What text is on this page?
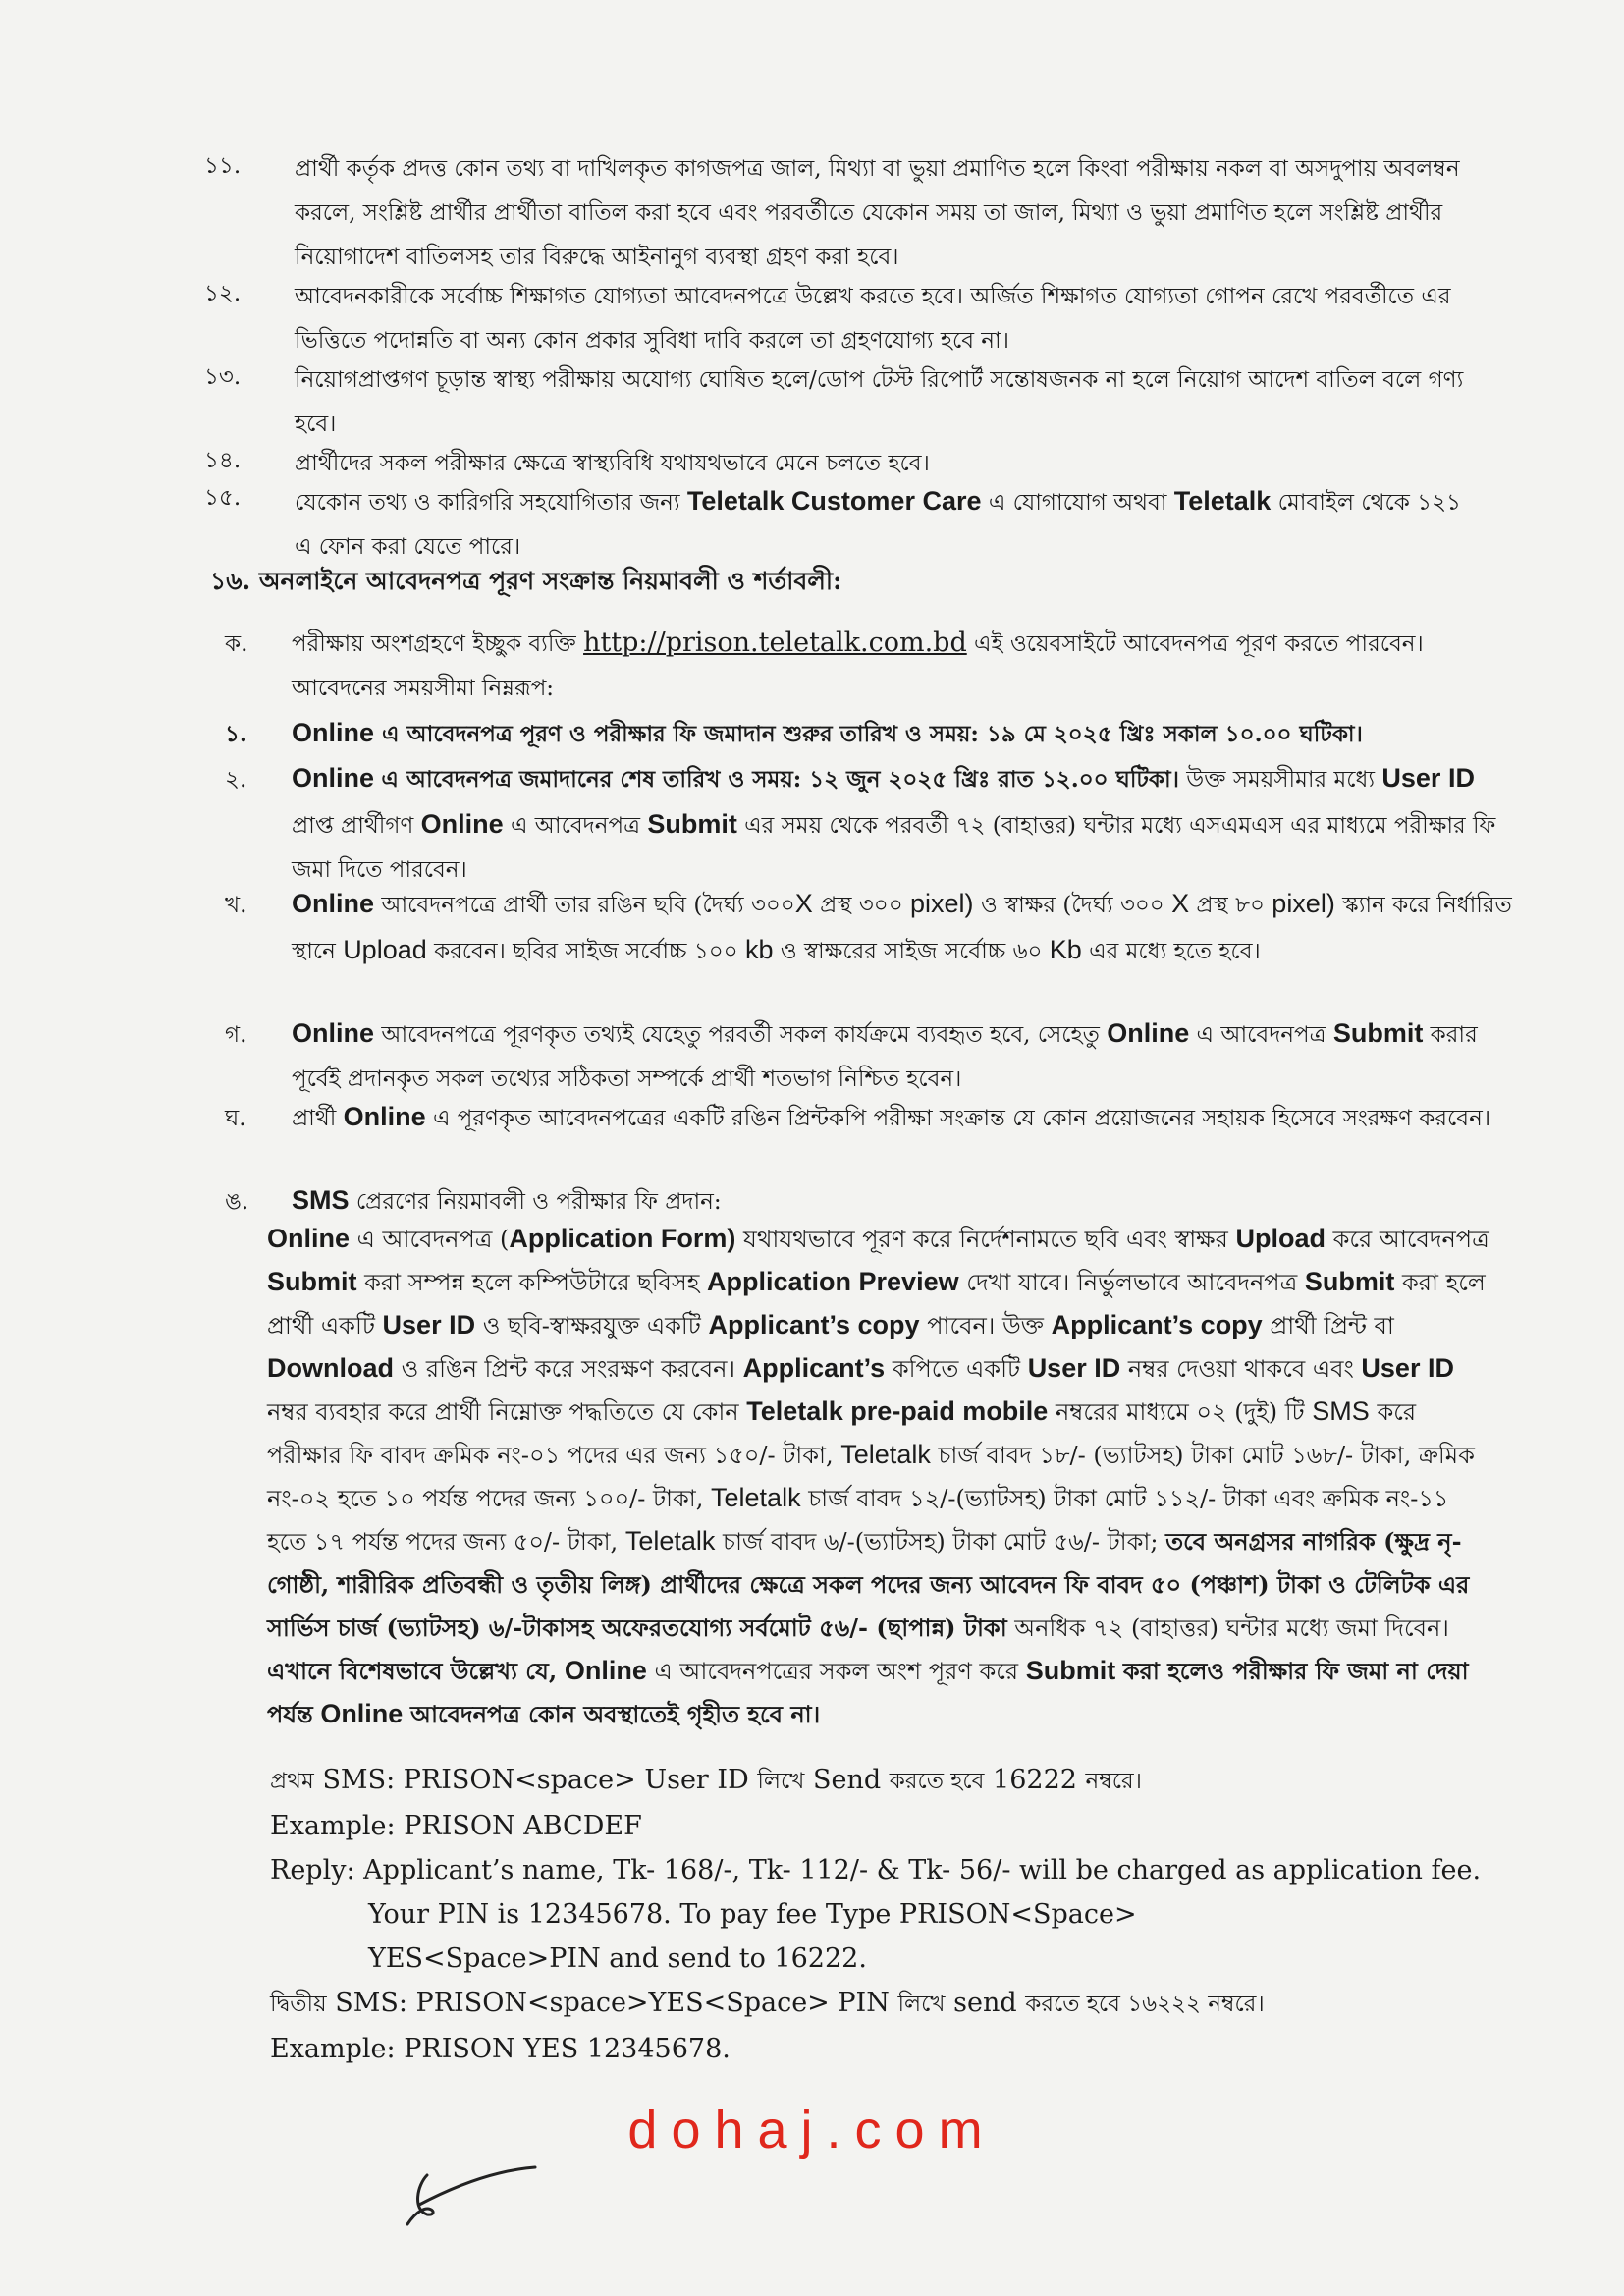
১১.	প্রার্থী কর্তৃক প্রদত্ত কোন তথ্য বা দাখিলকৃত কাগজপত্র জাল, মিথ্যা বা ভুয়া প্রমাণিত হলে কিংবা পরীক্ষায় নকল বা অসদুপায় অবলম্বন করলে, সংশ্লিষ্ট প্রার্থীর প্রার্থীতা বাতিল করা হবে এবং পরবর্তীতে যেকোন সময় তা জাল, মিথ্যা ও ভুয়া প্রমাণিত হলে সংশ্লিষ্ট প্রার্থীর নিয়োগাদেশ বাতিলসহ তার বিরুদ্ধে আইনানুগ ব্যবস্থা গ্রহণ করা হবে।
১২.	আবেদনকারীকে সর্বোচ্চ শিক্ষাগত যোগ্যতা আবেদনপত্রে উল্লেখ করতে হবে। অর্জিত শিক্ষাগত যোগ্যতা গোপন রেখে পরবর্তীতে এর ভিত্তিতে পদোন্নতি বা অন্য কোন প্রকার সুবিধা দাবি করলে তা গ্রহণযোগ্য হবে না।
১৩.	নিয়োগপ্রাপ্তগণ চূড়ান্ত স্বাস্থ্য পরীক্ষায় অযোগ্য ঘোষিত হলে/ডোপ টেস্ট রিপোর্ট সন্তোষজনক না হলে নিয়োগ আদেশ বাতিল বলে গণ্য হবে।
১৪.	প্রার্থীদের সকল পরীক্ষার ক্ষেত্রে স্বাস্থ্যবিধি যথাযথভাবে মেনে চলতে হবে।
১৫.	যেকোন তথ্য ও কারিগরি সহযোগিতার জন্য Teletalk Customer Care এ যোগাযোগ অথবা Teletalk মোবাইল থেকে ১২১ এ ফোন করা যেতে পারে।
১৬. অনলাইনে আবেদনপত্র পূরণ সংক্রান্ত নিয়মাবলী ও শর্তাবলী:
ক. পরীক্ষায় অংশগ্রহণে ইচ্ছুক ব্যক্তি http://prison.teletalk.com.bd এই ওয়েবসাইটে আবেদনপত্র পূরণ করতে পারবেন। আবেদনের সময়সীমা নিম্নরূপ:
১. Online এ আবেদনপত্র পূরণ ও পরীক্ষার ফি জমাদান শুরুর তারিখ ও সময়: ১৯ মে ২০২৫ খ্রিঃ সকাল ১০.০০ ঘটিকা।
২. Online এ আবেদনপত্র জমাদানের শেষ তারিখ ও সময়: ১২ জুন ২০২৫ খ্রিঃ রাত ১২.০০ ঘটিকা। উক্ত সময়সীমার মধ্যে User ID প্রাপ্ত প্রার্থীগণ Online এ আবেদনপত্র Submit এর সময় থেকে পরবর্তী ৭২ (বাহাত্তর) ঘন্টার মধ্যে এসএমএস এর মাধ্যমে পরীক্ষার ফি জমা দিতে পারবেন।
খ. Online আবেদনপত্রে প্রার্থী তার রঙিন ছবি (দৈর্ঘ্য ৩০০X প্রস্থ ৩০০ pixel) ও স্বাক্ষর (দৈর্ঘ্য ৩০০ X প্রস্থ ৮০ pixel) স্ক্যান করে নির্ধারিত স্থানে Upload করবেন। ছবির সাইজ সর্বোচ্চ ১০০ kb ও স্বাক্ষরের সাইজ সর্বোচ্চ ৬০ Kb এর মধ্যে হতে হবে।
গ. Online আবেদনপত্রে পূরণকৃত তথ্যই যেহেতু পরবর্তী সকল কার্যক্রমে ব্যবহৃত হবে, সেহেতু Online এ আবেদনপত্র Submit করার পূর্বেই প্রদানকৃত সকল তথ্যের সঠিকতা সম্পর্কে প্রার্থী শতভাগ নিশ্চিত হবেন।
ঘ. প্রার্থী Online এ পূরণকৃত আবেদনপত্রের একটি রঙিন প্রিন্টকপি পরীক্ষা সংক্রান্ত যে কোন প্রয়োজনের সহায়ক হিসেবে সংরক্ষণ করবেন।
ঙ. SMS প্রেরণের নিয়মাবলী ও পরীক্ষার ফি প্রদান:
Online এ আবেদনপত্র (Application Form) যথাযথভাবে পূরণ করে নির্দেশনামতে ছবি এবং স্বাক্ষর Upload করে আবেদনপত্র Submit করা সম্পন্ন হলে কম্পিউটারে ছবিসহ Application Preview দেখা যাবে। নির্ভুলভাবে আবেদনপত্র Submit করা হলে প্রার্থী একটি User ID ও ছবি-স্বাক্ষরযুক্ত একটি Applicant’s copy পাবেন। উক্ত Applicant’s copy প্রার্থী প্রিন্ট বা Download ও রঙিন প্রিন্ট করে সংরক্ষণ করবেন। Applicant’s কপিতে একটি User ID নম্বর দেওয়া থাকবে এবং User ID নম্বর ব্যবহার করে প্রার্থী নিম্নোক্ত পদ্ধতিতে যে কোন Teletalk pre-paid mobile নম্বরের মাধ্যমে ০২ (দুই) টি SMS করে পরীক্ষার ফি বাবদ ক্রমিক নং-০১ পদের এর জন্য ১৫০/- টাকা, Teletalk চার্জ বাবদ ১৮/- (ভ্যাটসহ) টাকা মোট ১৬৮/- টাকা, ক্রমিক নং-০২ হতে ১০ পর্যন্ত পদের জন্য ১০০/- টাকা, Teletalk চার্জ বাবদ ১২/-(ভ্যাটসহ) টাকা মোট ১১২/- টাকা এবং ক্রমিক নং-১১ হতে ১৭ পর্যন্ত পদের জন্য ৫০/- টাকা, Teletalk চার্জ বাবদ ৬/-(ভ্যাটসহ) টাকা মোট ৫৬/- টাকা; তবে অনগ্রসর নাগরিক (ক্ষুদ্র নৃ-গোষ্ঠী, শারীরিক প্রতিবন্ধী ও তৃতীয় লিঙ্গ) প্রার্থীদের ক্ষেত্রে সকল পদের জন্য আবেদন ফি বাবদ ৫০ (পঞ্চাশ) টাকা ও টেলিটক এর সার্ভিস চার্জ (ভ্যাটসহ) ৬/-টাকাসহ অফেরতযোগ্য সর্বমোট ৫৬/- (ছাপান্ন) টাকা অনধিক ৭২ (বাহাত্তর) ঘন্টার মধ্যে জমা দিবেন। এখানে বিশেষভাবে উল্লেখ্য যে, Online এ আবেদনপত্রের সকল অংশ পূরণ করে Submit করা হলেও পরীক্ষার ফি জমা না দেয়া পর্যন্ত Online আবেদনপত্র কোন অবস্থাতেই গৃহীত হবে না।
প্রথম SMS: PRISON<space> User ID লিখে Send করতে হবে 16222 নম্বরে।
Example: PRISON ABCDEF
Reply: Applicant’s name, Tk- 168/-, Tk- 112/- & Tk- 56/- will be charged as application fee.
Your PIN is 12345678. To pay fee Type PRISON<Space>
YES<Space>PIN and send to 16222.
দ্বিতীয় SMS: PRISON<space>YES<Space> PIN লিখে send করতে হবে ১৬২২২ নম্বরে।
Example: PRISON YES 12345678.
dohaj.com
